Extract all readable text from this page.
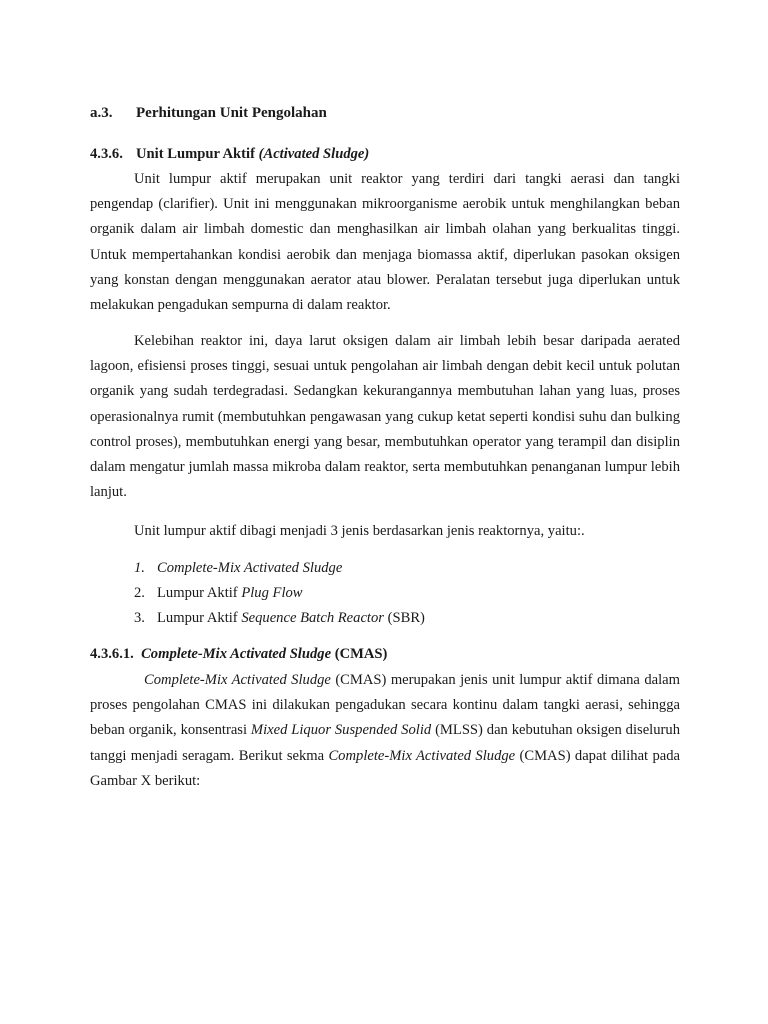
a.3. Perhitungan Unit Pengolahan
4.3.6. Unit Lumpur Aktif (Activated Sludge)

Unit lumpur aktif merupakan unit reaktor yang terdiri dari tangki aerasi dan tangki pengendap (clarifier). Unit ini menggunakan mikroorganisme aerobik untuk menghilangkan beban organik dalam air limbah domestic dan menghasilkan air limbah olahan yang berkualitas tinggi. Untuk mempertahankan kondisi aerobik dan menjaga biomassa aktif, diperlukan pasokan oksigen yang konstan dengan menggunakan aerator atau blower. Peralatan tersebut juga diperlukan untuk melakukan pengadukan sempurna di dalam reaktor.

Kelebihan reaktor ini, daya larut oksigen dalam air limbah lebih besar daripada aerated lagoon, efisiensi proses tinggi, sesuai untuk pengolahan air limbah dengan debit kecil untuk polutan organik yang sudah terdegradasi. Sedangkan kekurangannya membutuhan lahan yang luas, proses operasionalnya rumit (membutuhkan pengawasan yang cukup ketat seperti kondisi suhu dan bulking control proses), membutuhkan energi yang besar, membutuhkan operator yang terampil dan disiplin dalam mengatur jumlah massa mikroba dalam reaktor, serta membutuhkan penanganan lumpur lebih lanjut.

Unit lumpur aktif dibagi menjadi 3 jenis berdasarkan jenis reaktornya, yaitu:.

1. Complete-Mix Activated Sludge
2. Lumpur Aktif Plug Flow
3. Lumpur Aktif Sequence Batch Reactor (SBR)
4.3.6.1. Complete-Mix Activated Sludge (CMAS)

Complete-Mix Activated Sludge (CMAS) merupakan jenis unit lumpur aktif dimana dalam proses pengolahan CMAS ini dilakukan pengadukan secara kontinu dalam tangki aerasi, sehingga beban organik, konsentrasi Mixed Liquor Suspended Solid (MLSS) dan kebutuhan oksigen diseluruh tanggi menjadi seragam. Berikut sekma Complete-Mix Activated Sludge (CMAS) dapat dilihat pada Gambar X berikut:
